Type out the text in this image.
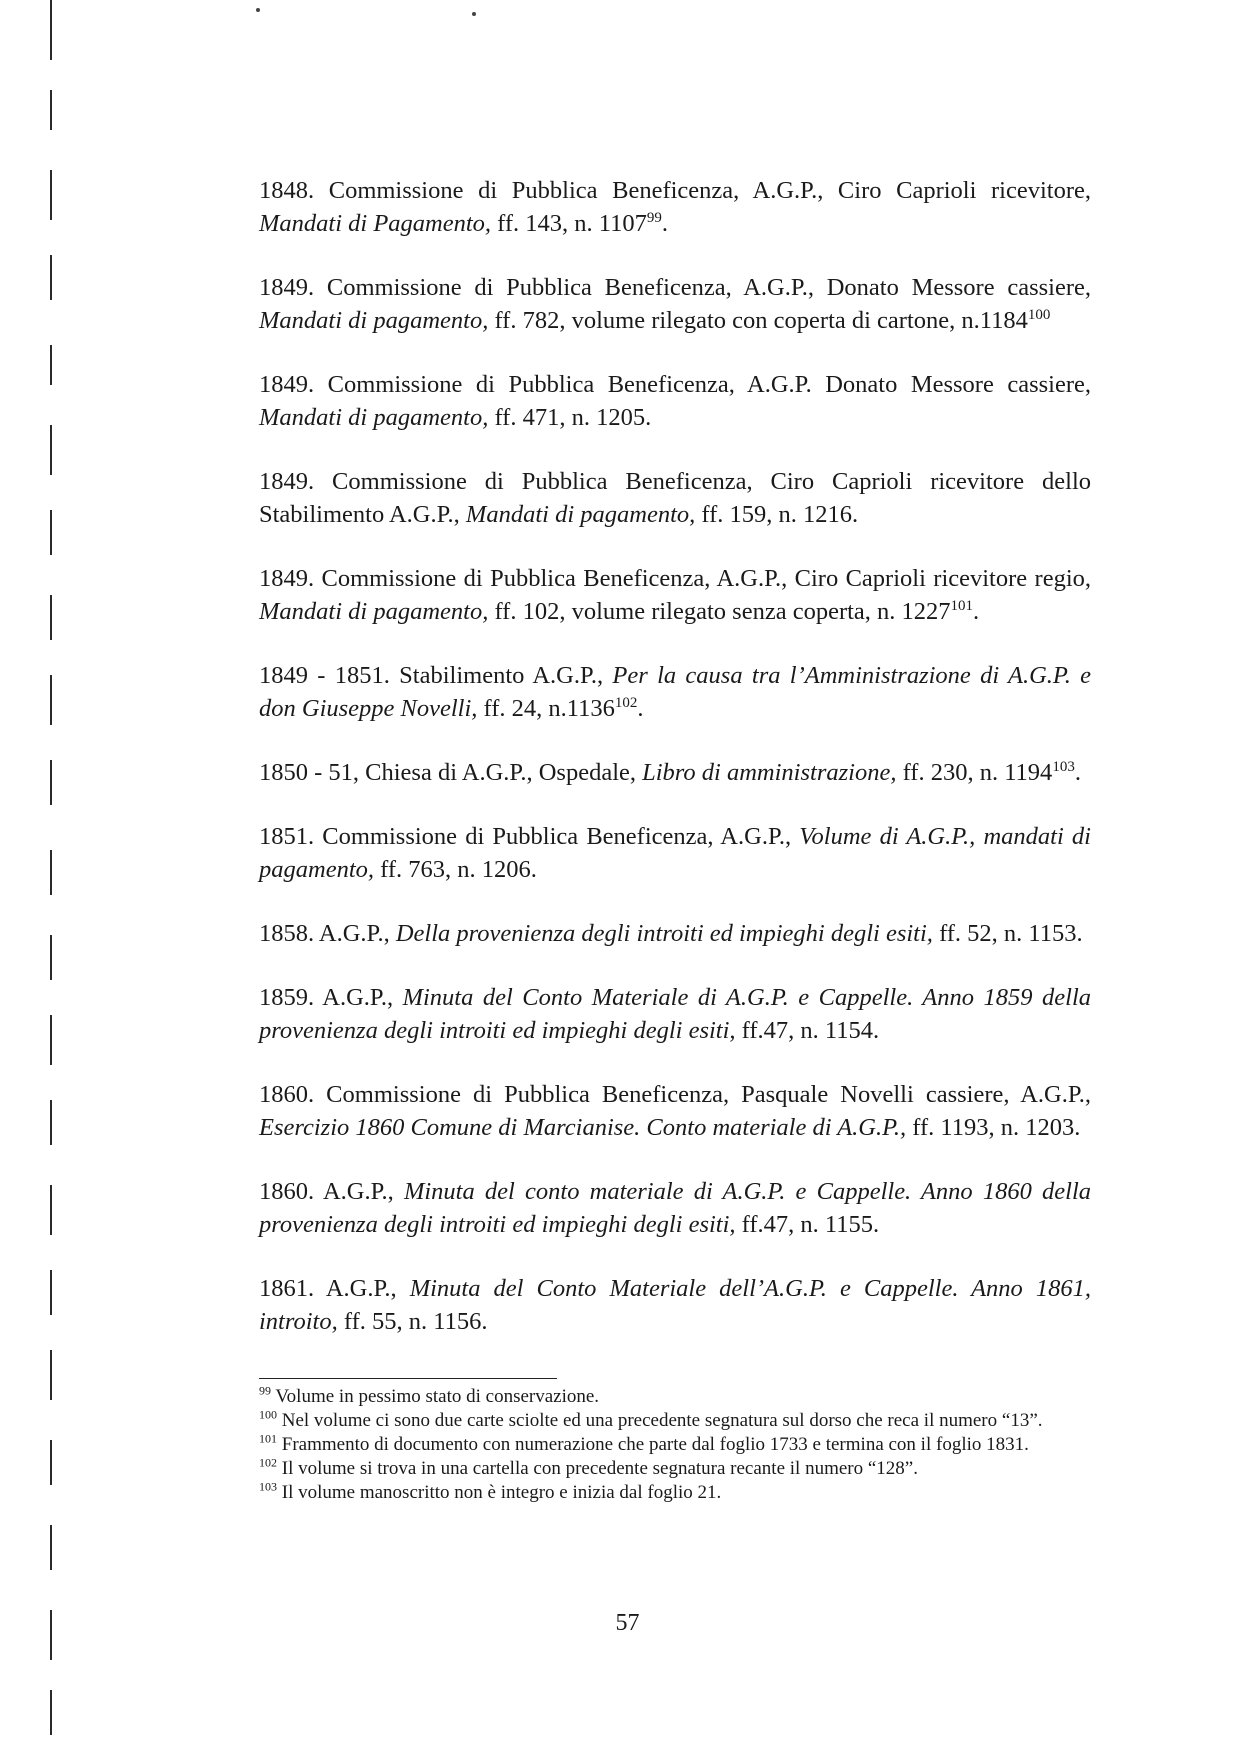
1848. Commissione di Pubblica Beneficenza, A.G.P., Ciro Caprioli ricevitore, Mandati di Pagamento, ff. 143, n. 1107$^{99}$.

1849. Commissione di Pubblica Beneficenza, A.G.P., Donato Messore cassiere, Mandati di pagamento, ff. 782, volume rilegato con coperta di cartone, n.1184$^{100}$

1849. Commissione di Pubblica Beneficenza, A.G.P. Donato Messore cassiere, Mandati di pagamento, ff. 471, n. 1205.

1849. Commissione di Pubblica Beneficenza, Ciro Caprioli ricevitore dello Stabilimento A.G.P., Mandati di pagamento, ff. 159, n. 1216.

1849. Commissione di Pubblica Beneficenza, A.G.P., Ciro Caprioli ricevitore regio, Mandati di pagamento, ff. 102, volume rilegato senza coperta, n. 1227$^{101}$.

1849 - 1851. Stabilimento A.G.P., Per la causa tra l’Amministrazione di A.G.P. e don Giuseppe Novelli, ff. 24, n.1136$^{102}$.

1850 - 51, Chiesa di A.G.P., Ospedale, Libro di amministrazione, ff. 230, n. 1194$^{103}$.

1851. Commissione di Pubblica Beneficenza, A.G.P., Volume di A.G.P., mandati di pagamento, ff. 763, n. 1206.

1858. A.G.P., Della provenienza degli introiti ed impieghi degli esiti, ff. 52, n. 1153.

1859. A.G.P., Minuta del Conto Materiale di A.G.P. e Cappelle. Anno 1859 della provenienza degli introiti ed impieghi degli esiti, ff.47, n. 1154.

1860. Commissione di Pubblica Beneficenza, Pasquale Novelli cassiere, A.G.P., Esercizio 1860 Comune di Marcianise. Conto materiale di A.G.P., ff. 1193, n. 1203.

1860. A.G.P., Minuta del conto materiale di A.G.P. e Cappelle. Anno 1860 della provenienza degli introiti ed impieghi degli esiti, ff.47, n. 1155.

1861. A.G.P., Minuta del Conto Materiale dell’A.G.P. e Cappelle. Anno 1861, introito, ff. 55, n. 1156.

$^{99}$ Volume in pessimo stato di conservazione.

$^{100}$ Nel volume ci sono due carte sciolte ed una precedente segnatura sul dorso che reca il numero “13”.

$^{101}$ Frammento di documento con numerazione che parte dal foglio 1733 e termina con il foglio 1831.

$^{102}$ Il volume si trova in una cartella con precedente segnatura recante il numero “128”.

$^{103}$ Il volume manoscritto non è integro e inizia dal foglio 21.

57
